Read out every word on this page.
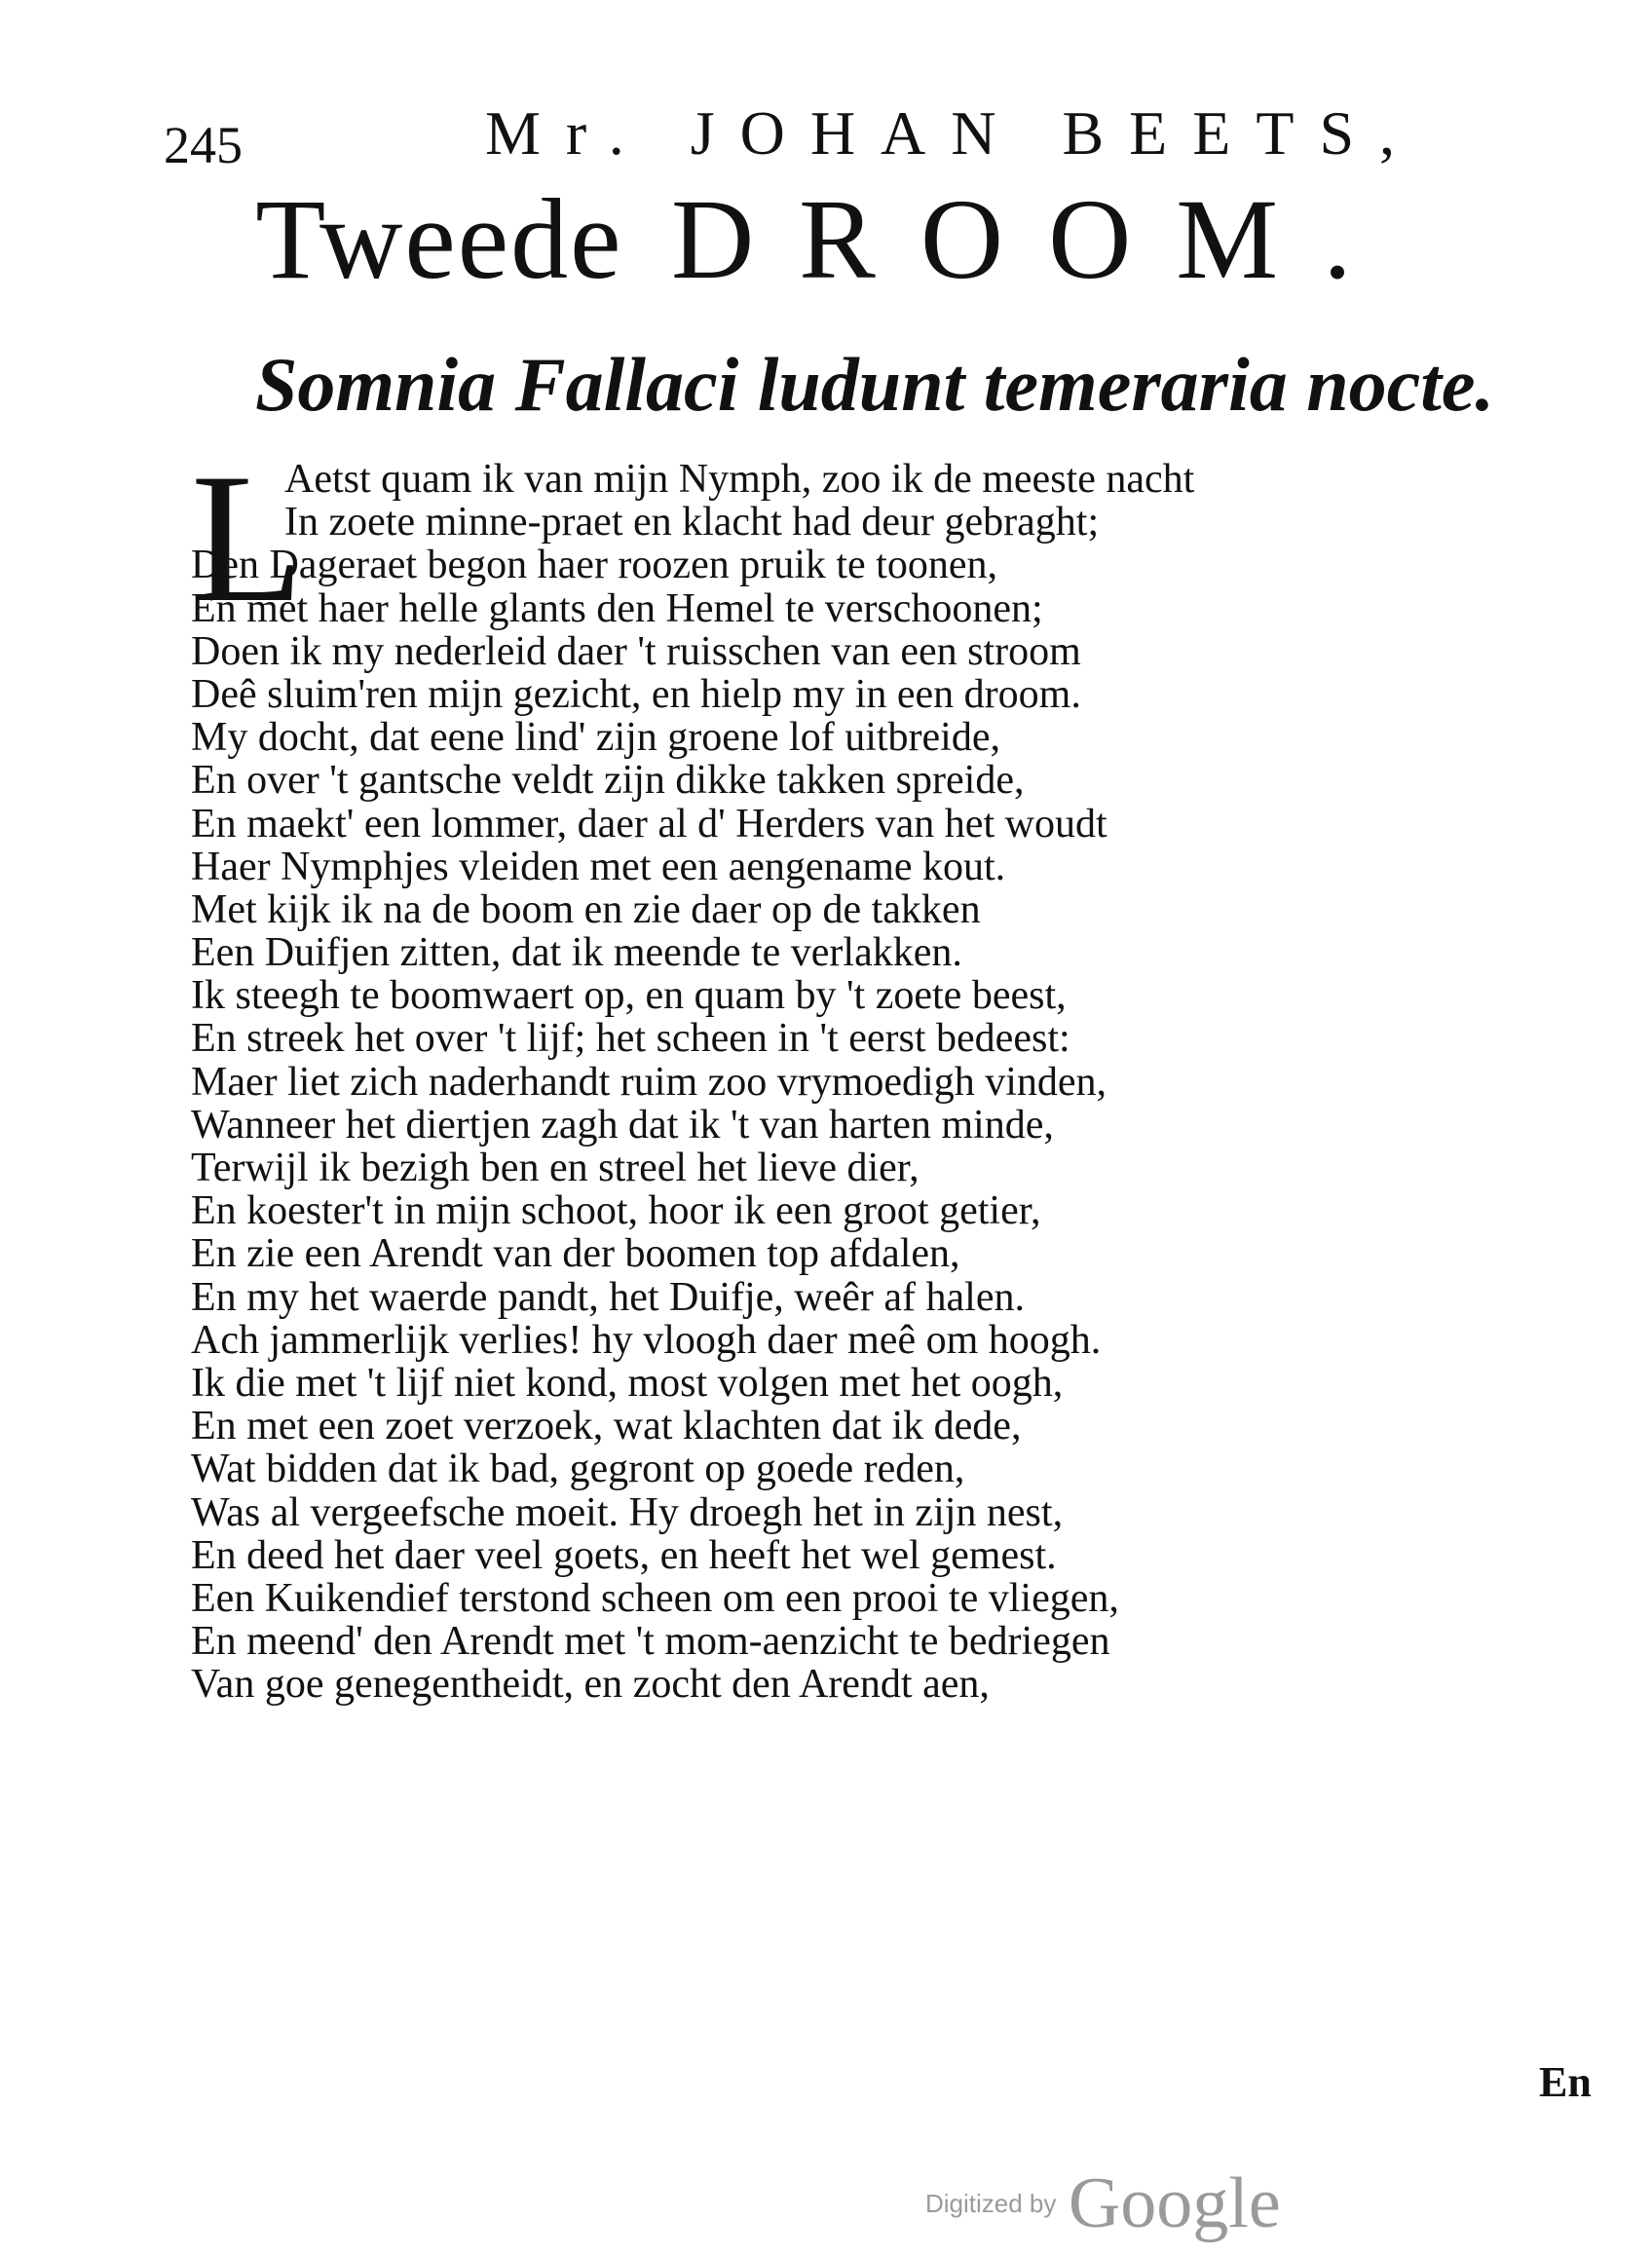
245	Mr. JOHAN BEETS,
Tweede DROOM.
Somnia Fallaci ludunt temeraria nocte.
L
Aetst quam ik van mijn Nymph, zoo ik de meeste nacht
In zoete minne-praet en klacht had deur gebraght;
Den Dageraet begon haer roozen pruik te toonen,
En met haer helle glants den Hemel te verschoonen;
Doen ik my nederleid daer 't ruisschen van een stroom
Deê sluim'ren mijn gezicht, en hielp my in een droom.
My docht, dat eene lind' zijn groene lof uitbreide,
En over 't gantsche veldt zijn dikke takken spreide,
En maekt' een lommer, daer al d' Herders van het woudt
Haer Nymphjes vleiden met een aengename kout.
Met kijk ik na de boom en zie daer op de takken
Een Duifjen zitten, dat ik meende te verlakken.
Ik steegh te boomwaert op, en quam by 't zoete beest,
En streek het over 't lijf; het scheen in 't eerst bedeest:
Maer liet zich naderhandt ruim zoo vrymoedigh vinden,
Wanneer het diertjen zagh dat ik 't van harten minde,
Terwijl ik bezigh ben en streel het lieve dier,
En koester't in mijn schoot, hoor ik een groot getier,
En zie een Arendt van der boomen top afdalen,
En my het waerde pandt, het Duifje, weêr af halen.
Ach jammerlijk verlies! hy vloogh daer meê om hoogh.
Ik die met 't lijf niet kond, most volgen met het oogh,
En met een zoet verzoek, wat klachten dat ik dede,
Wat bidden dat ik bad, gegront op goede reden,
Was al vergeefsche moeit. Hy droegh het in zijn nest,
En deed het daer veel goets, en heeft het wel gemest.
Een Kuikendief terstond scheen om een prooi te vliegen,
En meend' den Arendt met 't mom-aenzicht te bedriegen
Van goe genegentheidt, en zocht den Arendt aen,
En
Digitized by Google
